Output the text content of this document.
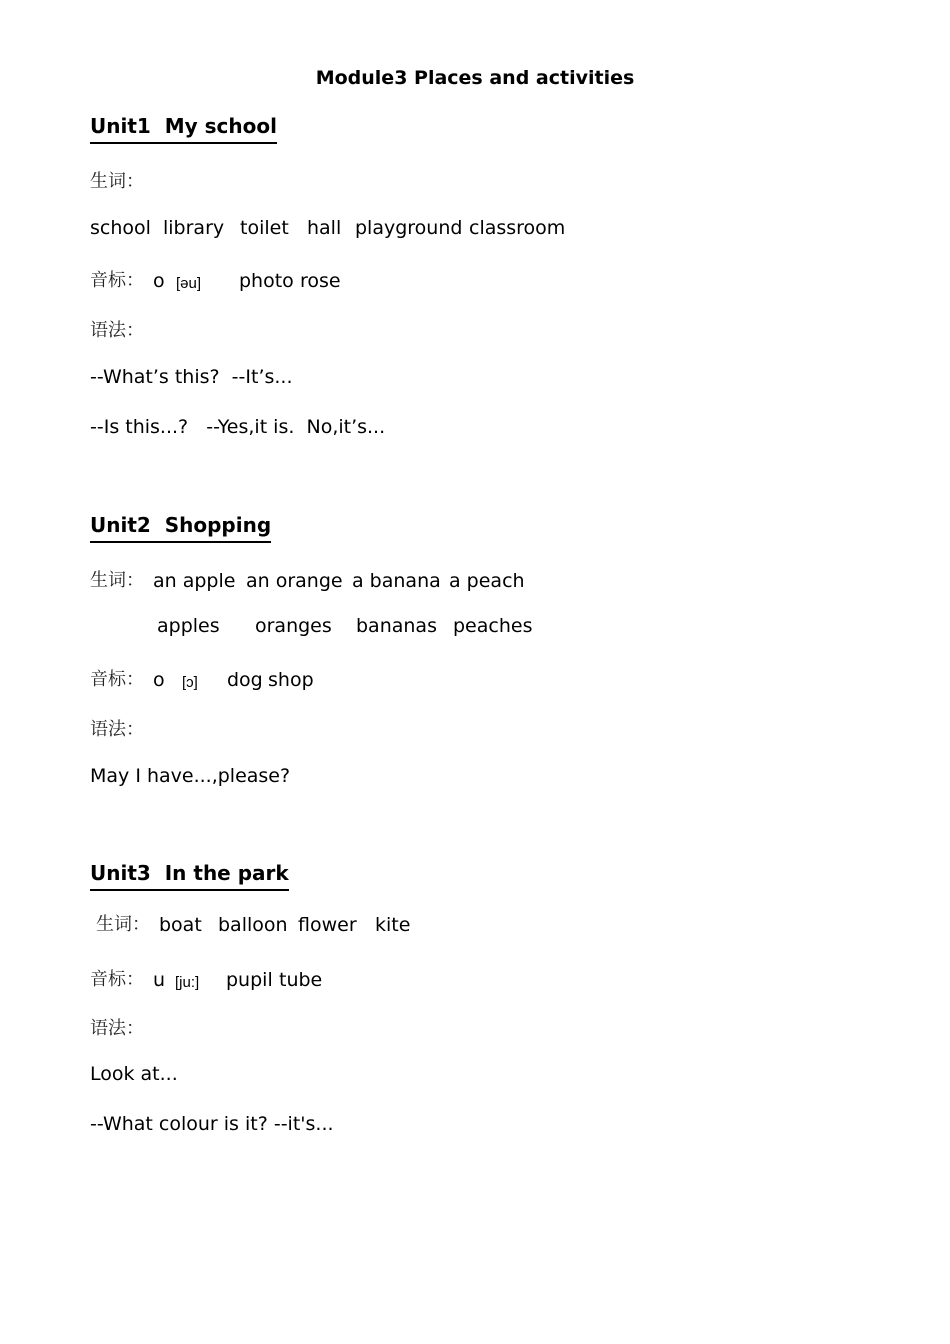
Module3 Places and activities
Unit1  My school
生词：
school library toilet hall playground classroom
音标： o [əu] photo rose
语法：
--What’s this?  --It’s...
--Is this...?   --Yes,it is.  No,it’s...
Unit2  Shopping
生词： an apple an orange a banana a peach
apples oranges bananas peaches
音标： o [ɔ] dog shop
语法：
May I have...,please?
Unit3  In the park
生词： boat balloon flower kite
音标： u [ju:] pupil tube
语法：
Look at...
--What colour is it? --it's...
